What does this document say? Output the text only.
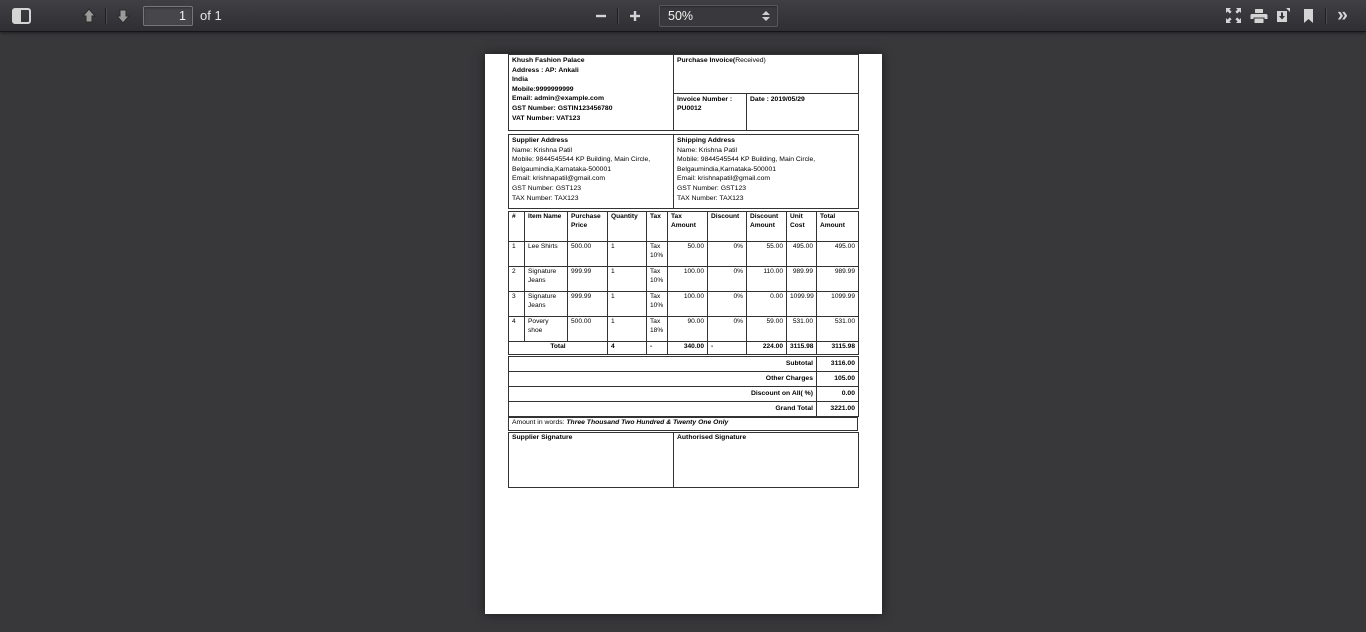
1
of 1	50%	»
Khush Fashion Palace
Address : AP: Ankali
India
Mobile:9999999999
Email: admin@example.com
GST Number: GSTIN123456780
VAT Number: VAT123
	Purchase Invoice(Received)
	Invoice Number :
PU0012	Date : 2019/05/29
Supplier Address
Name: Krishna Patil
Mobile: 9844545544 KP Building, Main Circle, Belgaumindia,Karnataka-500001
Email: krishnapatil@gmail.com
GST Number: GST123
TAX Number: TAX123
	Shipping Address
Name: Krishna Patil
Mobile: 9844545544 KP Building, Main Circle, Belgaumindia,Karnataka-500001
Email: krishnapatil@gmail.com
GST Number: GST123
TAX Number: TAX123
#	Item Name	Purchase Price	Quantity	Tax	Tax Amount	Discount	Discount Amount	Unit Cost	Total Amount
1	Lee Shirts	500.00	1	Tax 10%	50.00	0%	55.00	495.00	495.00
2	Signature Jeans	999.99	1	Tax 10%	100.00	0%	110.00	989.99	989.99
3	Signature Jeans	999.99	1	Tax 10%	100.00	0%	0.00	1099.99	1099.99
4	Povery shoe	500.00	1	Tax 18%	90.00	0%	59.00	531.00	531.00
Total			4	-	340.00	-	224.00	3115.98	3115.98
Subtotal	3116.00
Other Charges	105.00
Discount on All( %)	0.00
Grand Total	3221.00
Amount in words: Three Thousand Two Hundred & Twenty One Only
Supplier Signature	Authorised Signature
